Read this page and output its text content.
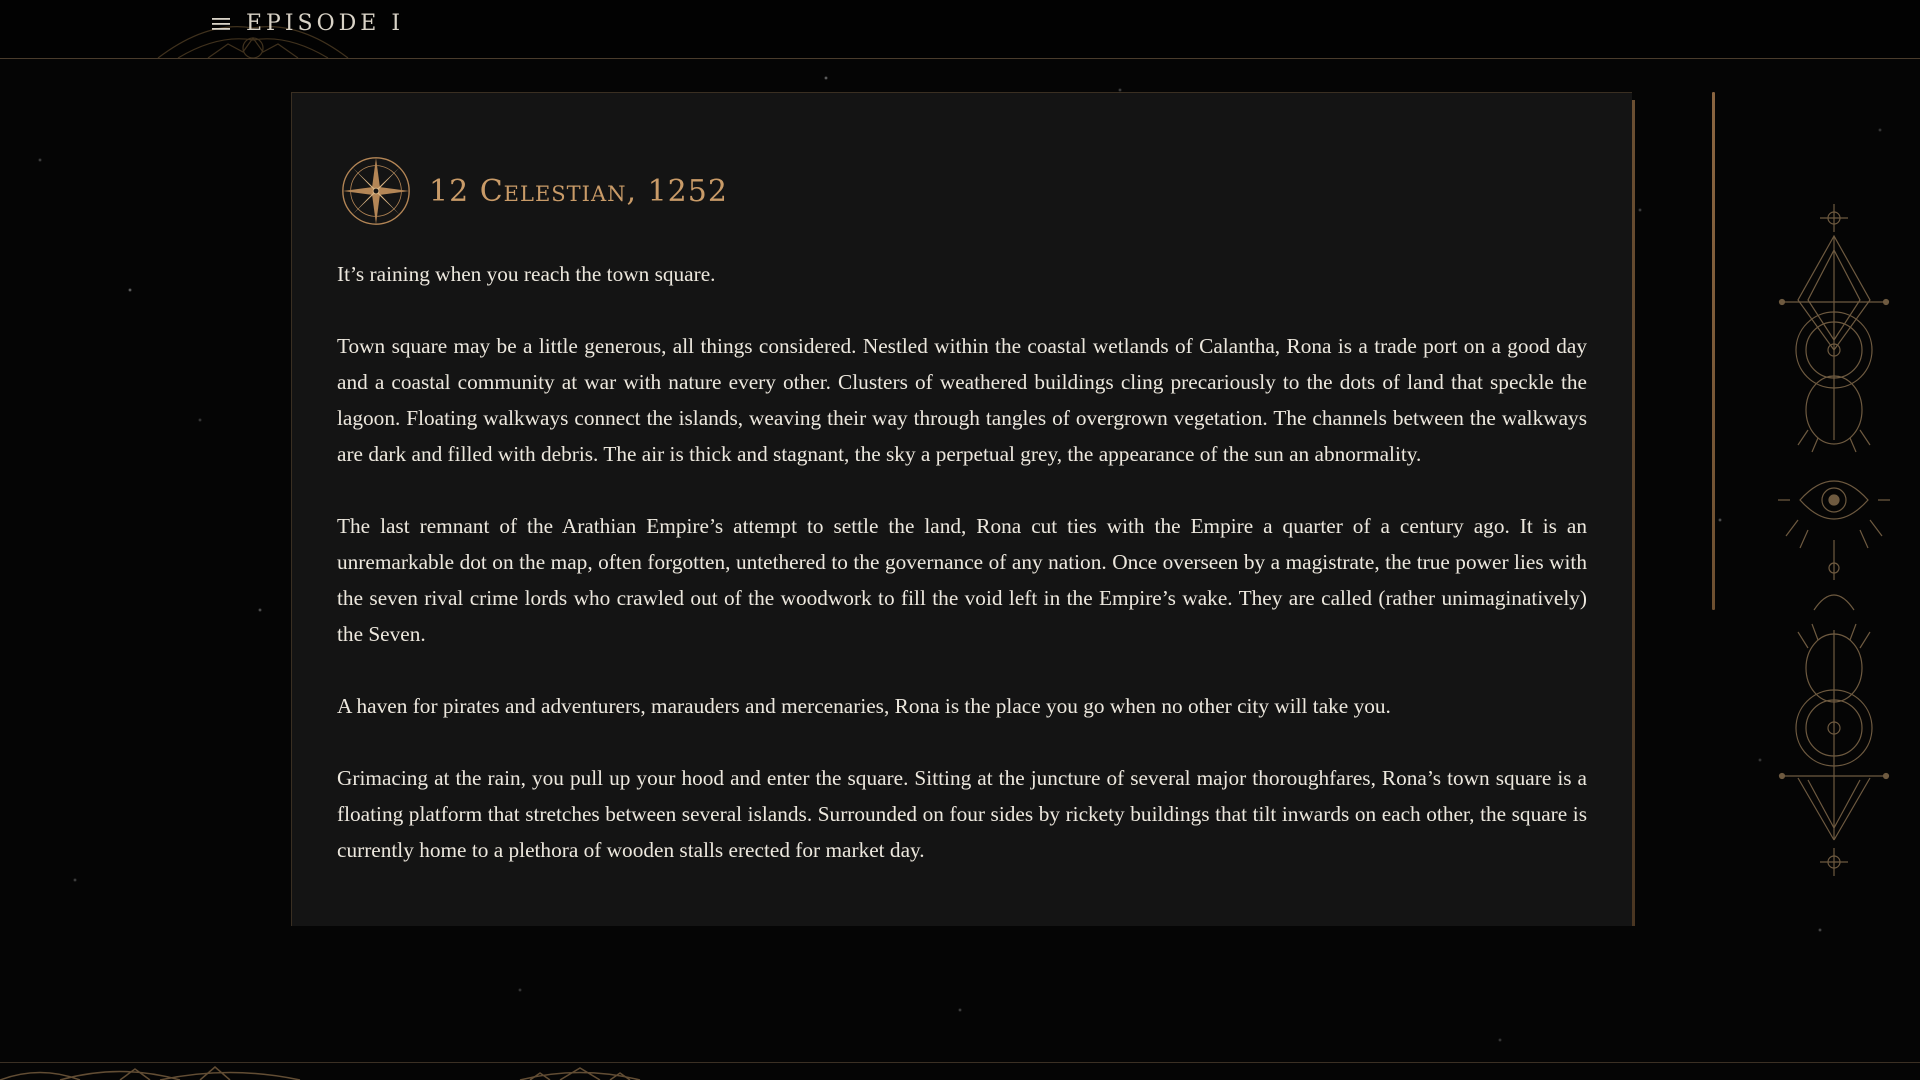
EPISODE I
12 Celestian, 1252

It’s raining when you reach the town square.

Town square may be a little generous, all things considered. Nestled within the coastal wetlands of Calantha, Rona is a trade port on a good day and a coastal community at war with nature every other. Clusters of weathered buildings cling precariously to the dots of land that speckle the lagoon. Floating walkways connect the islands, weaving their way through tangles of overgrown vegetation. The channels between the walkways are dark and filled with debris. The air is thick and stagnant, the sky a perpetual grey, the appearance of the sun an abnormality.

The last remnant of the Arathian Empire’s attempt to settle the land, Rona cut ties with the Empire a quarter of a century ago. It is an unremarkable dot on the map, often forgotten, untethered to the governance of any nation. Once overseen by a magistrate, the true power lies with the seven rival crime lords who crawled out of the woodwork to fill the void left in the Empire’s wake. They are called (rather unimaginatively) the Seven.

A haven for pirates and adventurers, marauders and mercenaries, Rona is the place you go when no other city will take you.

Grimacing at the rain, you pull up your hood and enter the square. Sitting at the juncture of several major thoroughfares, Rona’s town square is a floating platform that stretches between several islands. Surrounded on four sides by rickety buildings that tilt inwards on each other, the square is currently home to a plethora of wooden stalls erected for market day.
